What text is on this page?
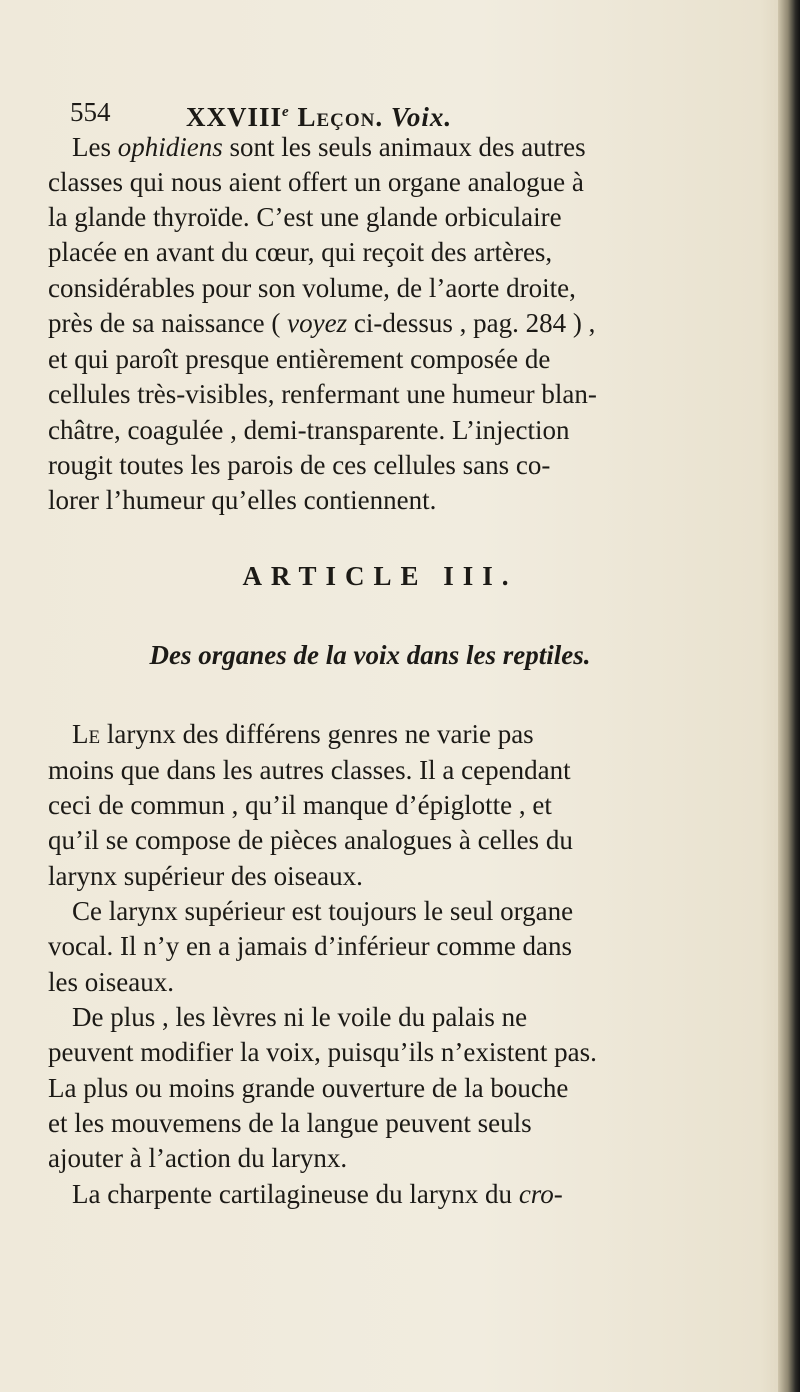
554	XXVIIIe Leçon. Voix.
Les ophidiens sont les seuls animaux des autres
classes qui nous aient offert un organe analogue à
la glande thyroïde. C’est une glande orbiculaire
placée en avant du cœur, qui reçoit des artères,
considérables pour son volume, de l’aorte droite,
près de sa naissance ( voyez ci-dessus , pag. 284 ) ,
et qui paroît presque entièrement composée de
cellules très-visibles, renfermant une humeur blan-
châtre, coagulée , demi-transparente. L’injection
rougit toutes les parois de ces cellules sans co-
lorer l’humeur qu’elles contiennent.
ARTICLE III.
Des organes de la voix dans les reptiles.
Le larynx des différens genres ne varie pas
moins que dans les autres classes. Il a cependant
ceci de commun , qu’il manque d’épiglotte , et
qu’il se compose de pièces analogues à celles du
larynx supérieur des oiseaux.
Ce larynx supérieur est toujours le seul organe
vocal. Il n’y en a jamais d’inférieur comme dans
les oiseaux.
De plus , les lèvres ni le voile du palais ne
peuvent modifier la voix, puisqu’ils n’existent pas.
La plus ou moins grande ouverture de la bouche
et les mouvemens de la langue peuvent seuls
ajouter à l’action du larynx.
La charpente cartilagineuse du larynx du cro-
